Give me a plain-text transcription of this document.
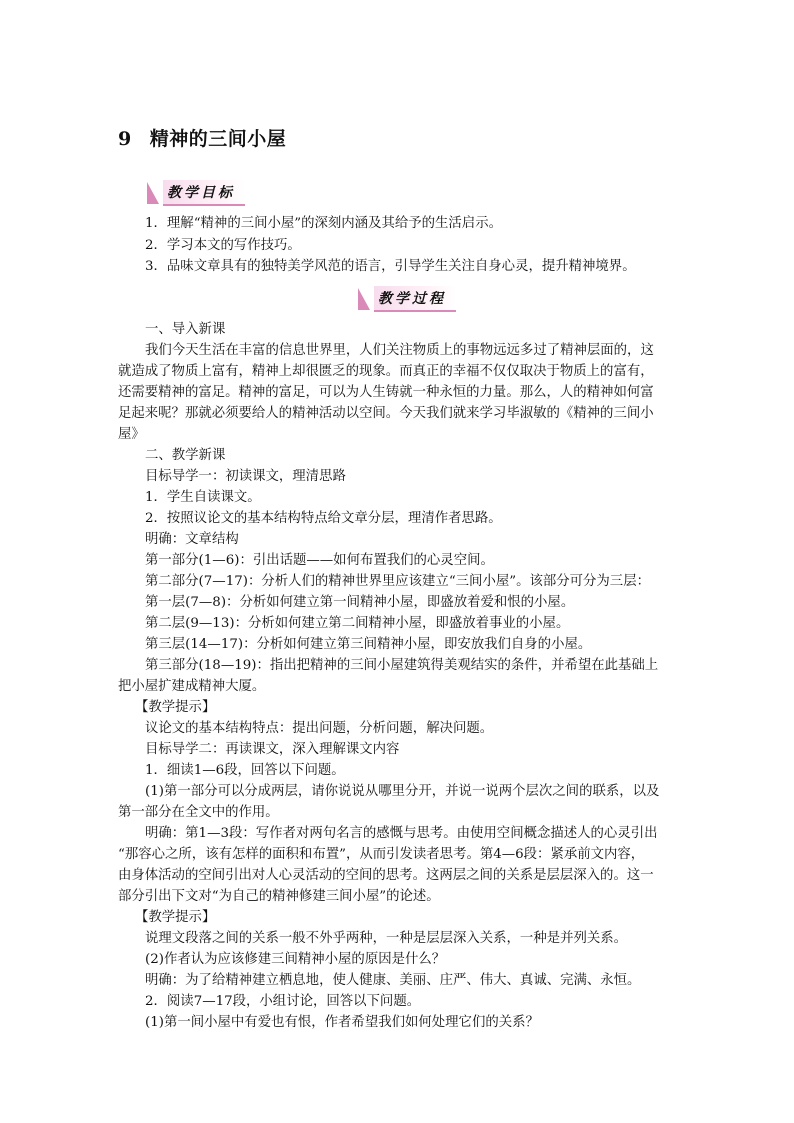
9 精神的三间小屋
教学目标
1．理解“精神的三间小屋”的深刻内涵及其给予的生活启示。
2．学习本文的写作技巧。
3．品味文章具有的独特美学风范的语言，引导学生关注自身心灵，提升精神境界。
教学过程
一、导入新课
我们今天生活在丰富的信息世界里，人们关注物质上的事物远远多过了精神层面的，这
就造成了物质上富有，精神上却很匮乏的现象。而真正的幸福不仅仅取决于物质上的富有，
还需要精神的富足。精神的富足，可以为人生铸就一种永恒的力量。那么，人的精神如何富
足起来呢？那就必须要给人的精神活动以空间。今天我们就来学习毕淑敏的《精神的三间小
屋》
二、教学新课
目标导学一：初读课文，理清思路
1．学生自读课文。
2．按照议论文的基本结构特点给文章分层，理清作者思路。
明确：文章结构
第一部分(1—6)：引出话题——如何布置我们的心灵空间。
第二部分(7—17)：分析人们的精神世界里应该建立“三间小屋”。该部分可分为三层：
第一层(7—8)：分析如何建立第一间精神小屋，即盛放着爱和恨的小屋。
第二层(9—13)：分析如何建立第二间精神小屋，即盛放着事业的小屋。
第三层(14—17)：分析如何建立第三间精神小屋，即安放我们自身的小屋。
第三部分(18—19)：指出把精神的三间小屋建筑得美观结实的条件，并希望在此基础上
把小屋扩建成精神大厦。
【教学提示】
议论文的基本结构特点：提出问题，分析问题，解决问题。
目标导学二：再读课文，深入理解课文内容
1．细读1—6段，回答以下问题。
(1)第一部分可以分成两层，请你说说从哪里分开，并说一说两个层次之间的联系，以及
第一部分在全文中的作用。
明确：第1—3段：写作者对两句名言的感慨与思考。由使用空间概念描述人的心灵引出
“那容心之所，该有怎样的面积和布置”，从而引发读者思考。第4—6段：紧承前文内容，
由身体活动的空间引出对人心灵活动的空间的思考。这两层之间的关系是层层深入的。这一
部分引出下文对“为自己的精神修建三间小屋”的论述。
【教学提示】
说理文段落之间的关系一般不外乎两种，一种是层层深入关系，一种是并列关系。
(2)作者认为应该修建三间精神小屋的原因是什么？
明确：为了给精神建立栖息地，使人健康、美丽、庄严、伟大、真诚、完满、永恒。
2．阅读7—17段，小组讨论，回答以下问题。
(1)第一间小屋中有爱也有恨，作者希望我们如何处理它们的关系？
